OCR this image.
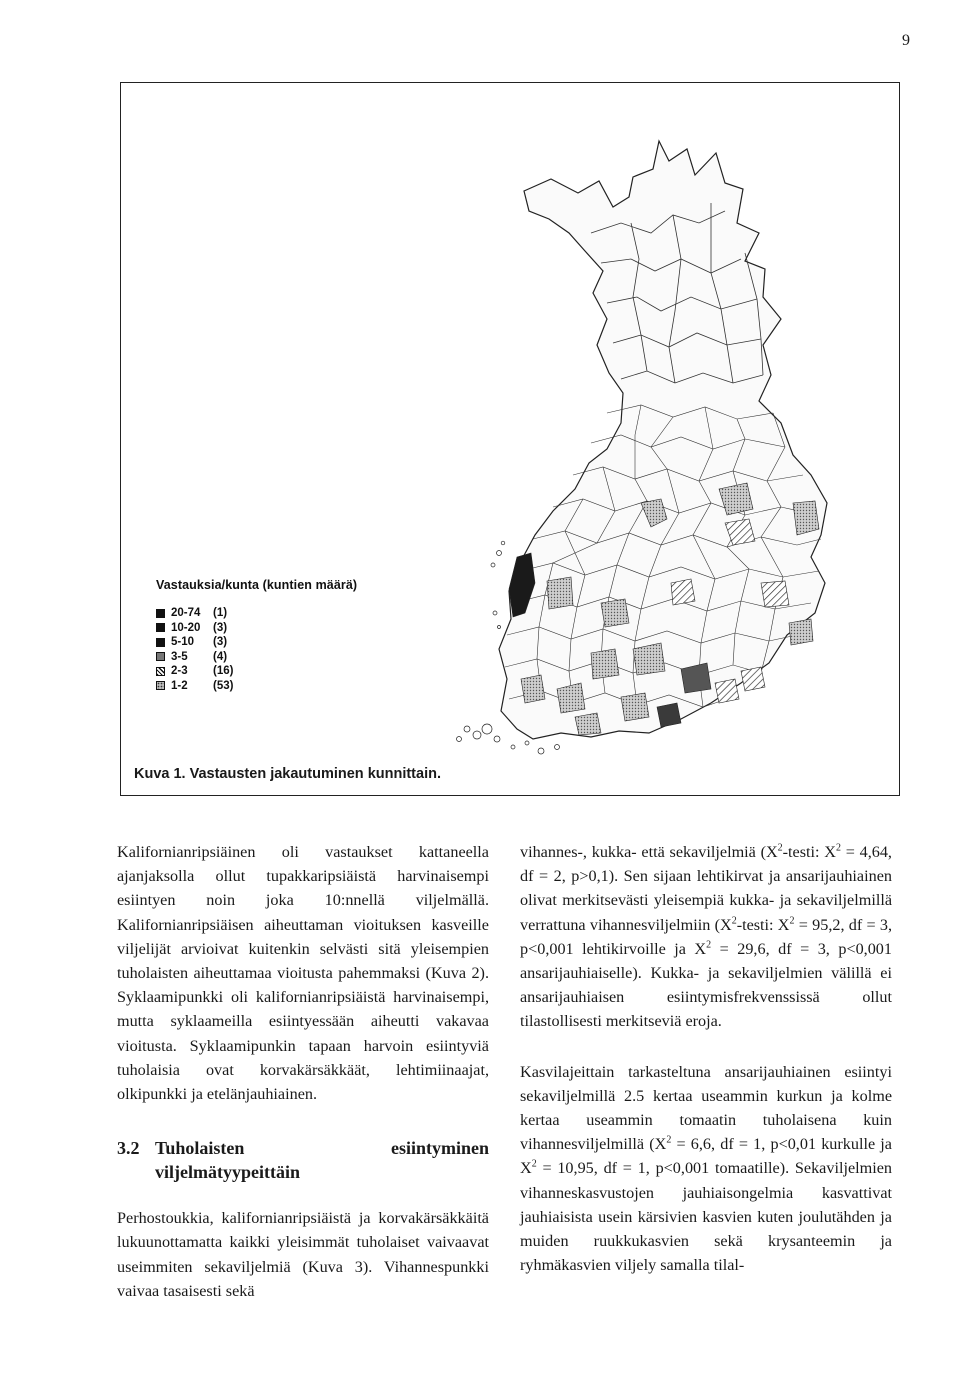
9
Vastauksia/kunta (kuntien määrä)
20-74	(1)
10-20	(3)
5-10	(3)
3-5	(4)
2-3	(16)
1-2	(53)
Kuva 1. Vastausten jakautuminen kunnittain.

Kalifornianripsiäinen oli vastaukset kattaneella ajanjaksolla ollut tupakkaripsiäistä harvinaisempi esiintyen noin joka 10:nnellä viljelmällä. Kalifornianripsiäisen aiheuttaman vioituksen kasveille viljelijät arvioivat kuitenkin selvästi sitä yleisempien tuholaisten aiheuttamaa vioitusta pahemmaksi (Kuva 2). Syklaamipunkki oli kalifornianripsiäistä harvinaisempi, mutta syklaameilla esiintyessään aiheutti vakavaa vioitusta. Syklaamipunkin tapaan harvoin esiintyviä tuholaisia ovat korvakärsäkkäät, lehtimiinaajat, olkipunkki ja etelänjauhiainen.

3.2 Tuholaisten esiintyminen viljelmätyypeittäin

Perhostoukkia, kalifornianripsiäistä ja korvakärsäkkäitä lukuunottamatta kaikki yleisimmät tuholaiset vaivaavat useimmiten sekaviljelmiä (Kuva 3). Vihannespunkki vaivaa tasaisesti sekä

vihannes-, kukka- että sekaviljelmiä ($X^2$-testi: $X^2 = 4,64$, df = 2, p>0,1). Sen sijaan lehtikirvat ja ansarijauhiainen olivat merkitsevästi yleisempiä kukka- ja sekaviljelmillä verrattuna vihannesviljelmiin ($X^2$-testi: $X^2 = 95,2$, df = 3, p<0,001 lehtikirvoille ja $X^2 = 29,6$, df = 3, p<0,001 ansarijauhiaiselle). Kukka- ja sekaviljelmien välillä ei ansarijauhiaisen esiintymisfrekvenssissä ollut tilastollisesti merkitseviä eroja.

Kasvilajeittain tarkasteltuna ansarijauhiainen esiintyi sekaviljelmillä 2.5 kertaa useammin kurkun ja kolme kertaa useammin tomaatin tuholaisena kuin vihannesviljelmillä ($X^2 = 6,6$, df = 1, p<0,01 kurkulle ja $X^2 = 10,95$, df = 1, p<0,001 tomaatille). Sekaviljelmien vihanneskasvustojen jauhiaisongelmia kasvattivat jauhiaisista usein kärsivien kasvien kuten joulutähden ja muiden ruukkukasvien sekä krysanteemin ja ryhmäkasvien viljely samalla tilal-
